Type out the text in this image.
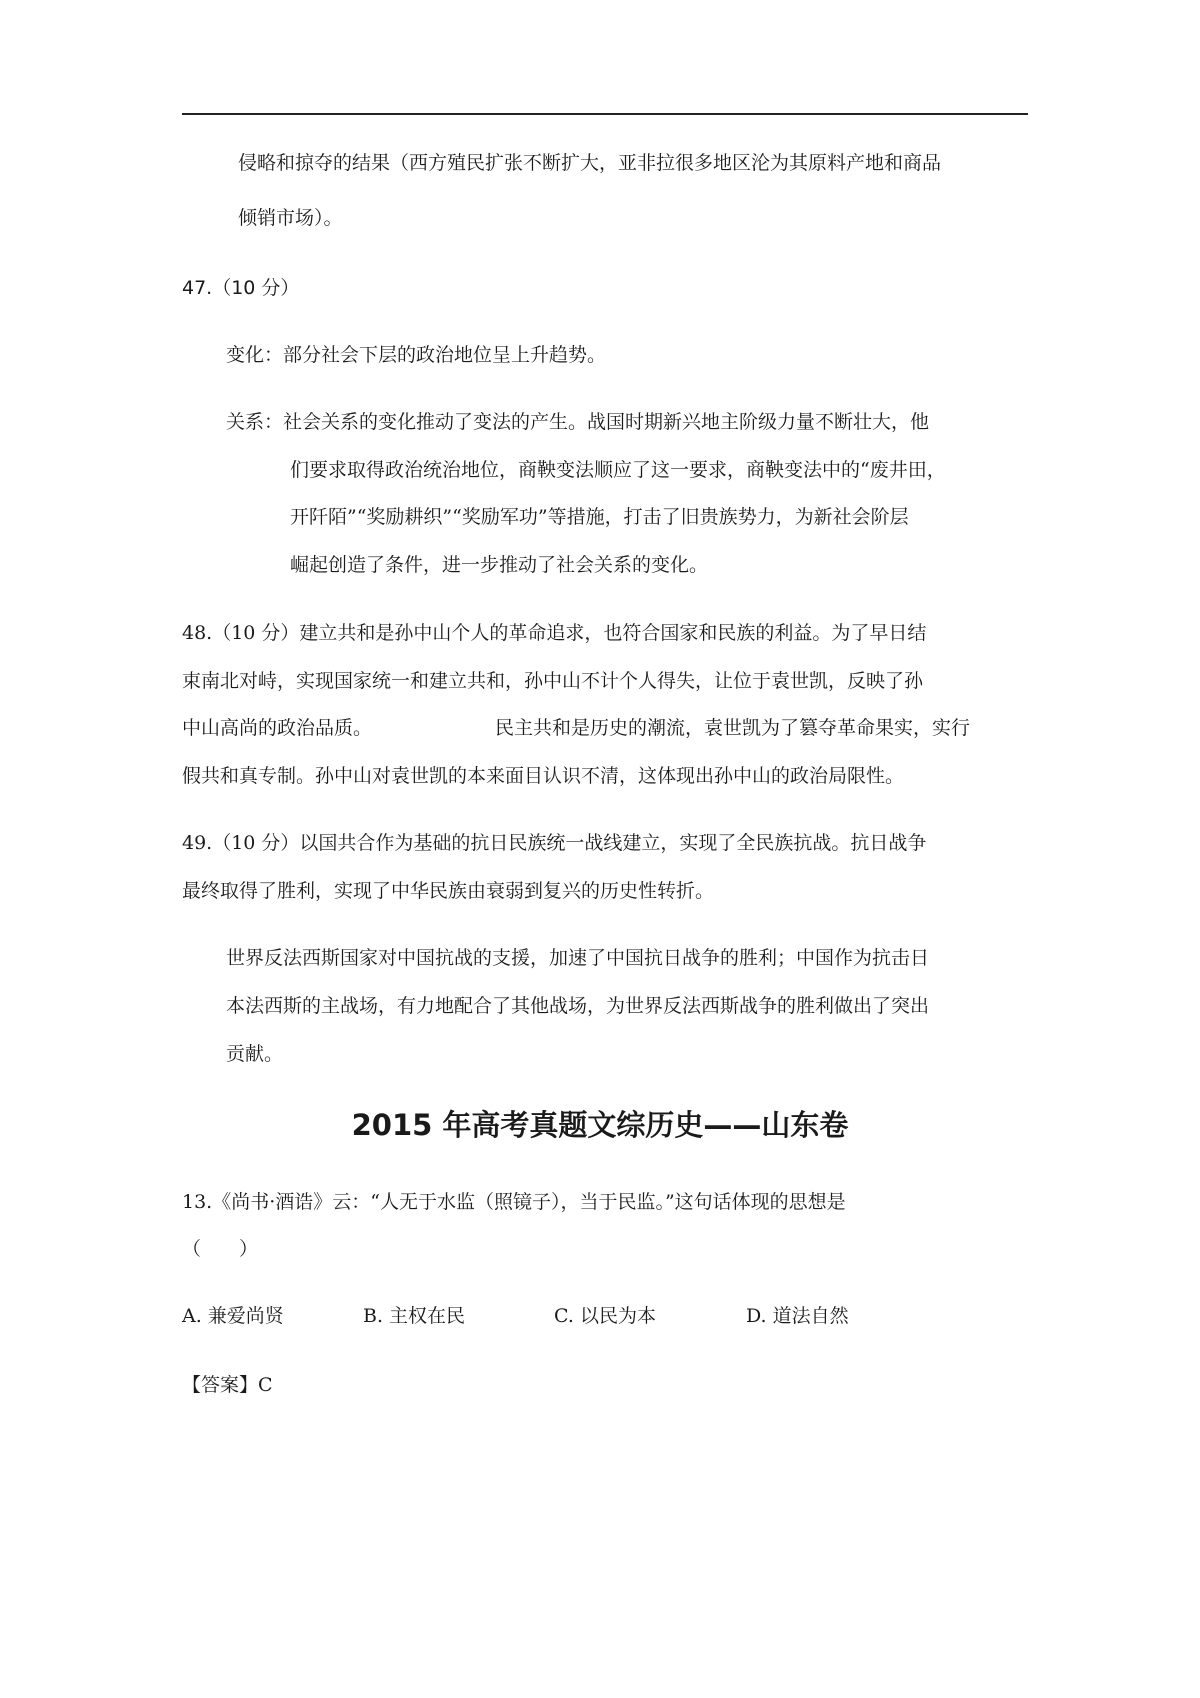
侵略和掠夺的结果（西方殖民扩张不断扩大，亚非拉很多地区沦为其原料产地和商品
倾销市场）。
47.（10 分）
变化：部分社会下层的政治地位呈上升趋势。
关系：社会关系的变化推动了变法的产生。战国时期新兴地主阶级力量不断壮大，他
们要求取得政治统治地位，商鞅变法顺应了这一要求，商鞅变法中的“废井田，
开阡陌”“奖励耕织”“奖励军功”等措施，打击了旧贵族势力，为新社会阶层
崛起创造了条件，进一步推动了社会关系的变化。
48.（10 分）建立共和是孙中山个人的革命追求，也符合国家和民族的利益。为了早日结
束南北对峙，实现国家统一和建立共和，孙中山不计个人得失，让位于袁世凯，反映了孙
中山高尚的政治品质。	民主共和是历史的潮流，袁世凯为了篡夺革命果实，实行
假共和真专制。孙中山对袁世凯的本来面目认识不清，这体现出孙中山的政治局限性。
49.（10 分）以国共合作为基础的抗日民族统一战线建立，实现了全民族抗战。抗日战争
最终取得了胜利，实现了中华民族由衰弱到复兴的历史性转折。
世界反法西斯国家对中国抗战的支援，加速了中国抗日战争的胜利；中国作为抗击日
本法西斯的主战场，有力地配合了其他战场，为世界反法西斯战争的胜利做出了突出
贡献。
2015 年高考真题文综历史——山东卷
13.《尚书·酒诰》云：“人无于水监（照镜子），当于民监。”这句话体现的思想是
（　　）
A. 兼爱尚贤	B. 主权在民	C. 以民为本	D. 道法自然
【答案】C
